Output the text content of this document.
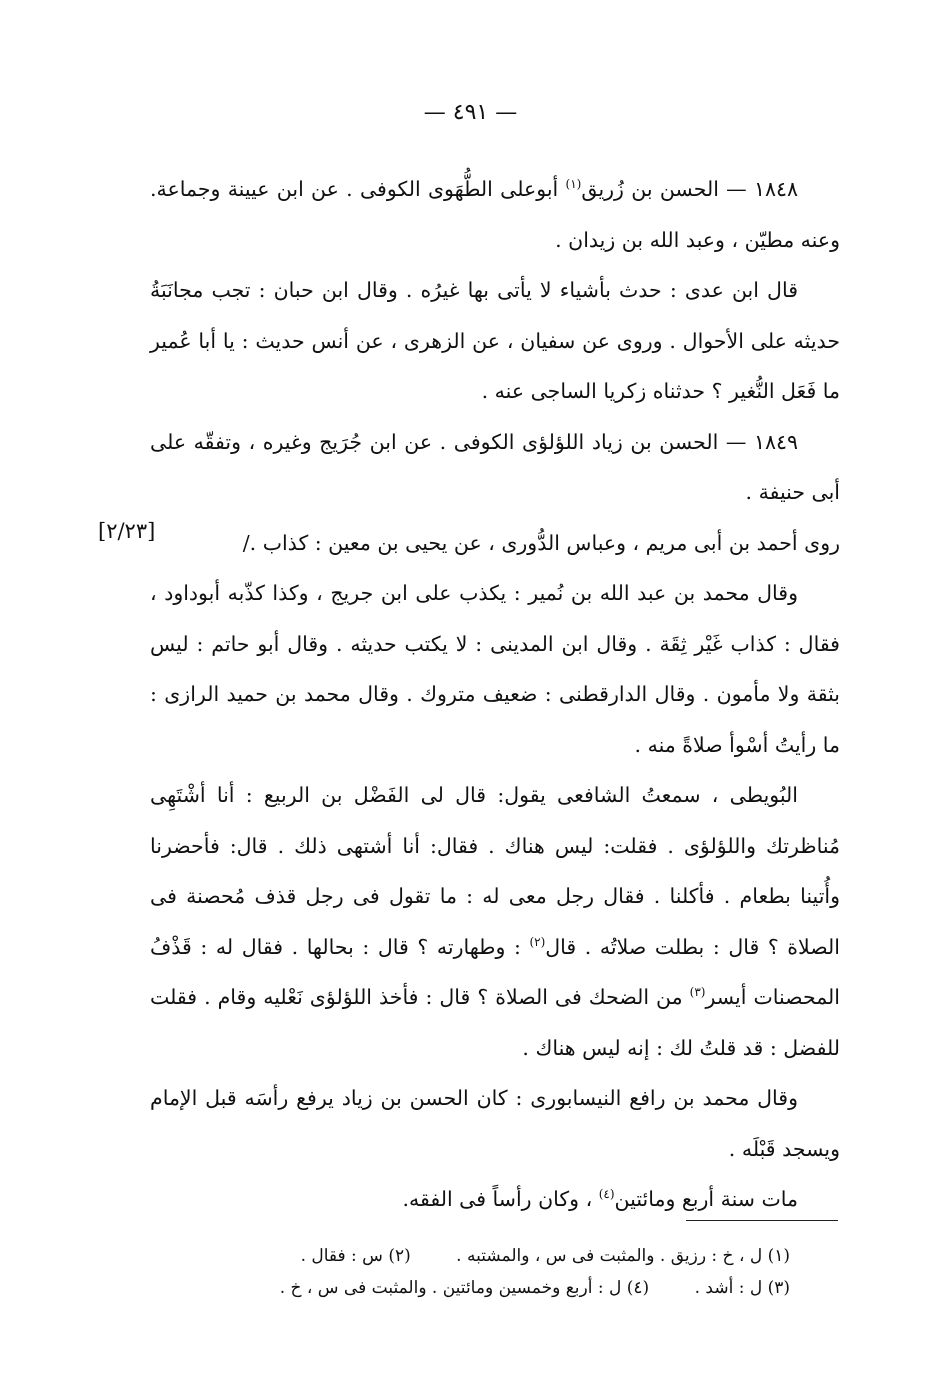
— ٤٩١ —

١٨٤٨ — الحسن بن زُريق$^{(١)}$ أبوعلى الطُّهَوى الكوفى . عن ابن عيينة وجماعة. وعنه مطيّن ، وعبد الله بن زيدان .

قال ابن عدى : حدث بأشياء لا يأتى بها غيرُه . وقال ابن حبان : تجب مجانَبَةُ حديثه على الأحوال . وروى عن سفيان ، عن الزهرى ، عن أنس حديث : يا أبا عُمير ما فَعَل النُّغير ؟ حدثناه زكريا الساجى عنه .

١٨٤٩ — الحسن بن زياد اللؤلؤى الكوفى . عن ابن جُرَيج وغيره ، وتفقّه على أبى حنيفة .

روى أحمد بن أبى مريم ، وعباس الدُّورى ، عن يحيى بن معين : كذاب ./

وقال محمد بن عبد الله بن نُمير : يكذب على ابن جريج ، وكذا كذّبه أبوداود ، فقال : كذاب غَيْر ثِقَة . وقال ابن المدينى : لا يكتب حديثه . وقال أبو حاتم : ليس بثقة ولا مأمون . وقال الدارقطنى : ضعيف متروك . وقال محمد بن حميد الرازى : ما رأيتُ أسْوأ صلاةً منه .

البُويطى ، سمعتُ الشافعى يقول: قال لى الفَضْل بن الربيع : أنا أشْتَهِى مُناظرتك واللؤلؤى . فقلت: ليس هناك . فقال: أنا أشتهى ذلك . قال: فأحضرنا وأُتينا بطعام . فأكلنا . فقال رجل معى له : ما تقول فى رجل قذف مُحصنة فى الصلاة ؟ قال : بطلت صلاتُه . قال$^{(٢)}$ : وطهارته ؟ قال : بحالها . فقال له : قَذْفُ المحصنات أيسر$^{(٣)}$ من الضحك فى الصلاة ؟ قال : فأخذ اللؤلؤى نَعْليه وقام . فقلت للفضل : قد قلتُ لك : إنه ليس هناك .

وقال محمد بن رافع النيسابورى : كان الحسن بن زياد يرفع رأسَه قبل الإمام ويسجد قَبْلَه .

مات سنة أربع ومائتين$^{(٤)}$ ، وكان رأساً فى الفقه.

[٢/٢٣]
(١) ل ، خ : رزيق . والمثبت فى س ، والمشتبه . (٢) س : فقال .
(٣) ل : أشد . (٤) ل : أربع وخمسين ومائتين . والمثبت فى س ، خ .
